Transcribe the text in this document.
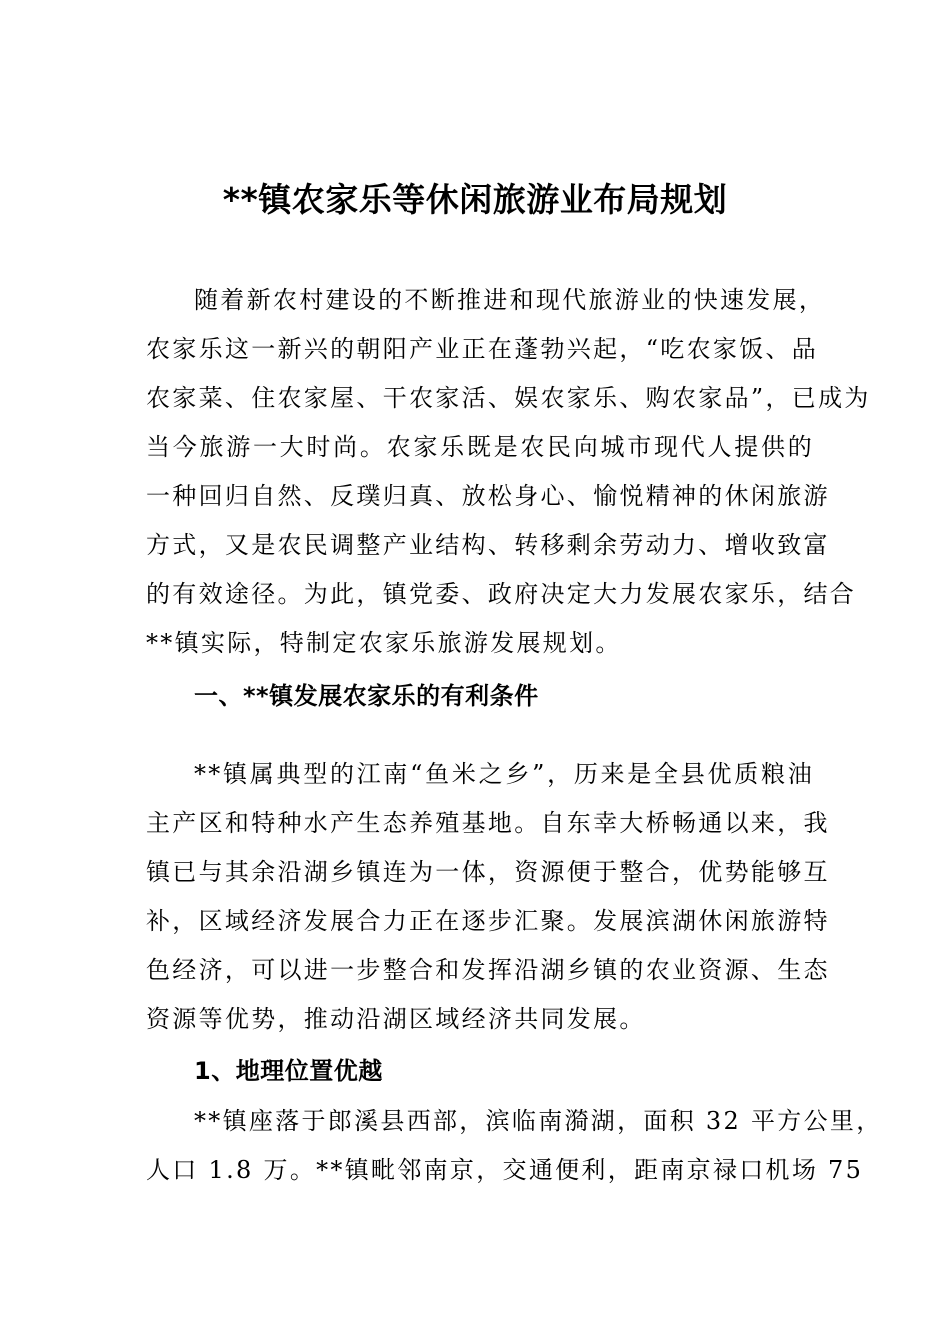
**镇农家乐等休闲旅游业布局规划
随着新农村建设的不断推进和现代旅游业的快速发展，
农家乐这一新兴的朝阳产业正在蓬勃兴起，“吃农家饭、品
农家菜、住农家屋、干农家活、娱农家乐、购农家品”，已成为
当今旅游一大时尚。农家乐既是农民向城市现代人提供的
一种回归自然、反璞归真、放松身心、愉悦精神的休闲旅游
方式，又是农民调整产业结构、转移剩余劳动力、增收致富
的有效途径。为此，镇党委、政府决定大力发展农家乐，结合
**镇实际，特制定农家乐旅游发展规划。
一、**镇发展农家乐的有利条件
**镇属典型的江南“鱼米之乡”，历来是全县优质粮油
主产区和特种水产生态养殖基地。自东幸大桥畅通以来，我
镇已与其余沿湖乡镇连为一体，资源便于整合，优势能够互
补，区域经济发展合力正在逐步汇聚。发展滨湖休闲旅游特
色经济，可以进一步整合和发挥沿湖乡镇的农业资源、生态
资源等优势，推动沿湖区域经济共同发展。
1、地理位置优越
**镇座落于郎溪县西部，滨临南漪湖，面积 32 平方公里，
人口 1.8 万。**镇毗邻南京，交通便利，距南京禄口机场 75
